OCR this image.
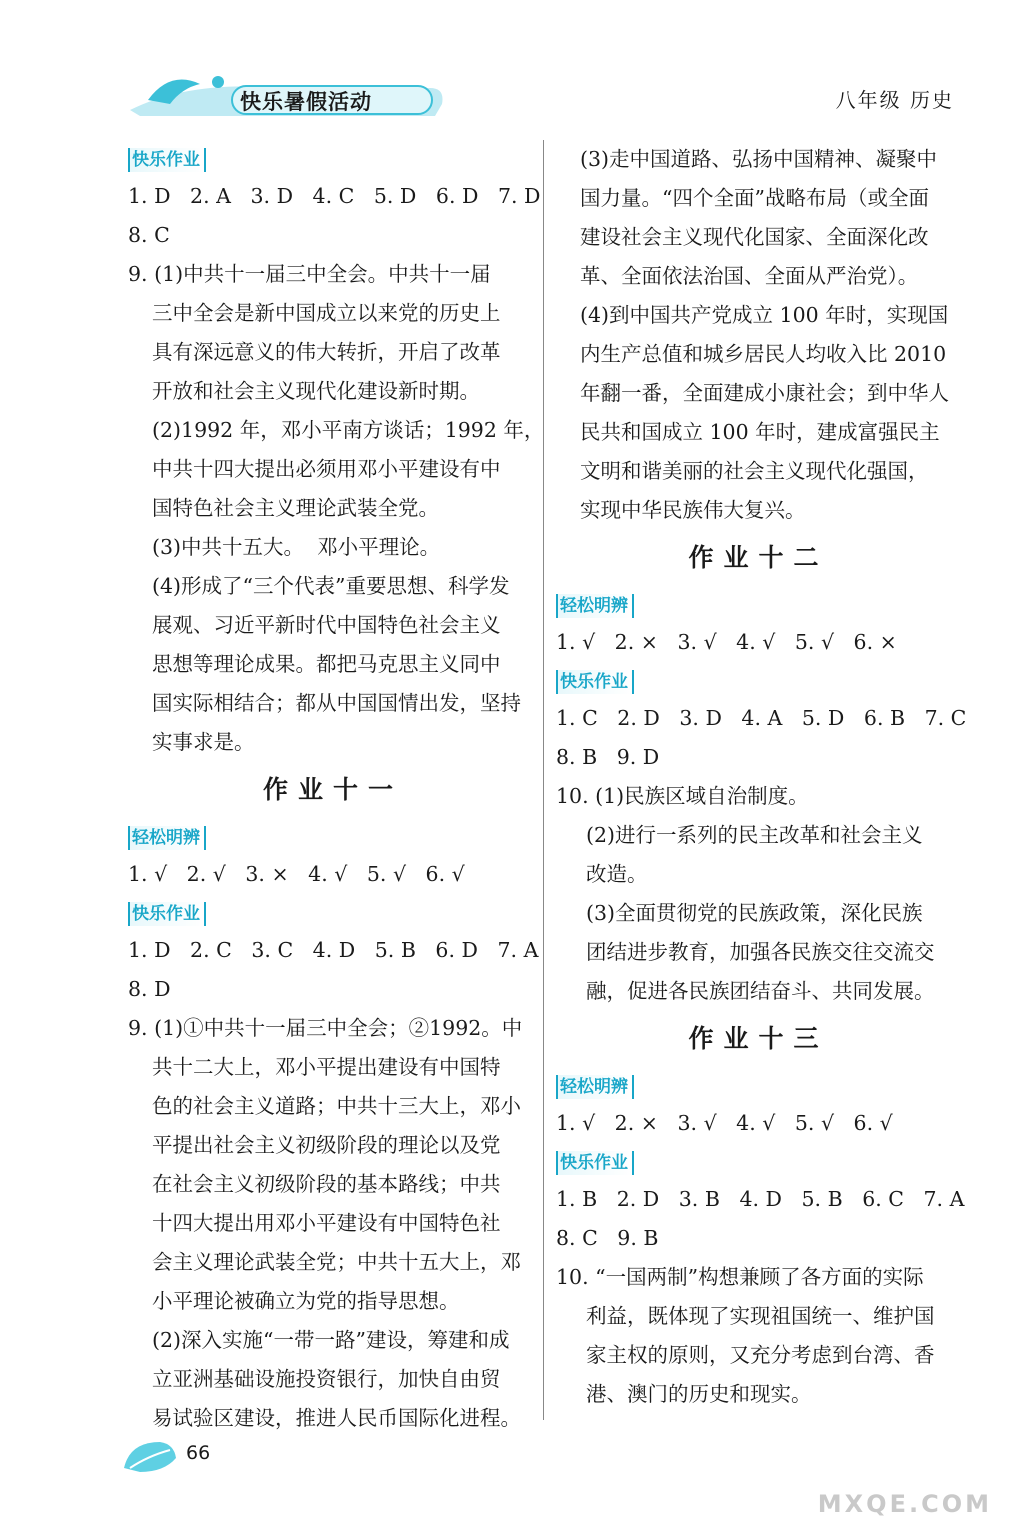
快乐暑假活动	八年级 历史
快乐作业
1. D   2. A   3. D   4. C   5. D   6. D   7. D
8. C
9. (1)中共十一届三中全会。中共十一届
三中全会是新中国成立以来党的历史上
具有深远意义的伟大转折，开启了改革
开放和社会主义现代化建设新时期。
(2)1992 年，邓小平南方谈话；1992 年，
中共十四大提出必须用邓小平建设有中
国特色社会主义理论武装全党。
(3)中共十五大。  邓小平理论。
(4)形成了“三个代表”重要思想、科学发
展观、习近平新时代中国特色社会主义
思想等理论成果。都把马克思主义同中
国实际相结合；都从中国国情出发，坚持
实事求是。
作业十一
轻松明辨
1. √   2. √   3. ×   4. √   5. √   6. √
快乐作业
1. D   2. C   3. C   4. D   5. B   6. D   7. A
8. D
9. (1)①中共十一届三中全会；②1992。中
共十二大上，邓小平提出建设有中国特
色的社会主义道路；中共十三大上，邓小
平提出社会主义初级阶段的理论以及党
在社会主义初级阶段的基本路线；中共
十四大提出用邓小平建设有中国特色社
会主义理论武装全党；中共十五大上，邓
小平理论被确立为党的指导思想。
(2)深入实施“一带一路”建设，筹建和成
立亚洲基础设施投资银行，加快自由贸
易试验区建设，推进人民币国际化进程。
(3)走中国道路、弘扬中国精神、凝聚中
国力量。“四个全面”战略布局（或全面
建设社会主义现代化国家、全面深化改
革、全面依法治国、全面从严治党）。
(4)到中国共产党成立 100 年时，实现国
内生产总值和城乡居民人均收入比 2010
年翻一番，全面建成小康社会；到中华人
民共和国成立 100 年时，建成富强民主
文明和谐美丽的社会主义现代化强国，
实现中华民族伟大复兴。
作业十二
轻松明辨
1. √   2. ×   3. √   4. √   5. √   6. ×
快乐作业
1. C   2. D   3. D   4. A   5. D   6. B   7. C
8. B   9. D
10. (1)民族区域自治制度。
(2)进行一系列的民主改革和社会主义
改造。
(3)全面贯彻党的民族政策，深化民族
团结进步教育，加强各民族交往交流交
融，促进各民族团结奋斗、共同发展。
作业十三
轻松明辨
1. √   2. ×   3. √   4. √   5. √   6. √
快乐作业
1. B   2. D   3. B   4. D   5. B   6. C   7. A
8. C   9. B
10. “一国两制”构想兼顾了各方面的实际
利益，既体现了实现祖国统一、维护国
家主权的原则，又充分考虑到台湾、香
港、澳门的历史和现实。
66
MXQE.COM
